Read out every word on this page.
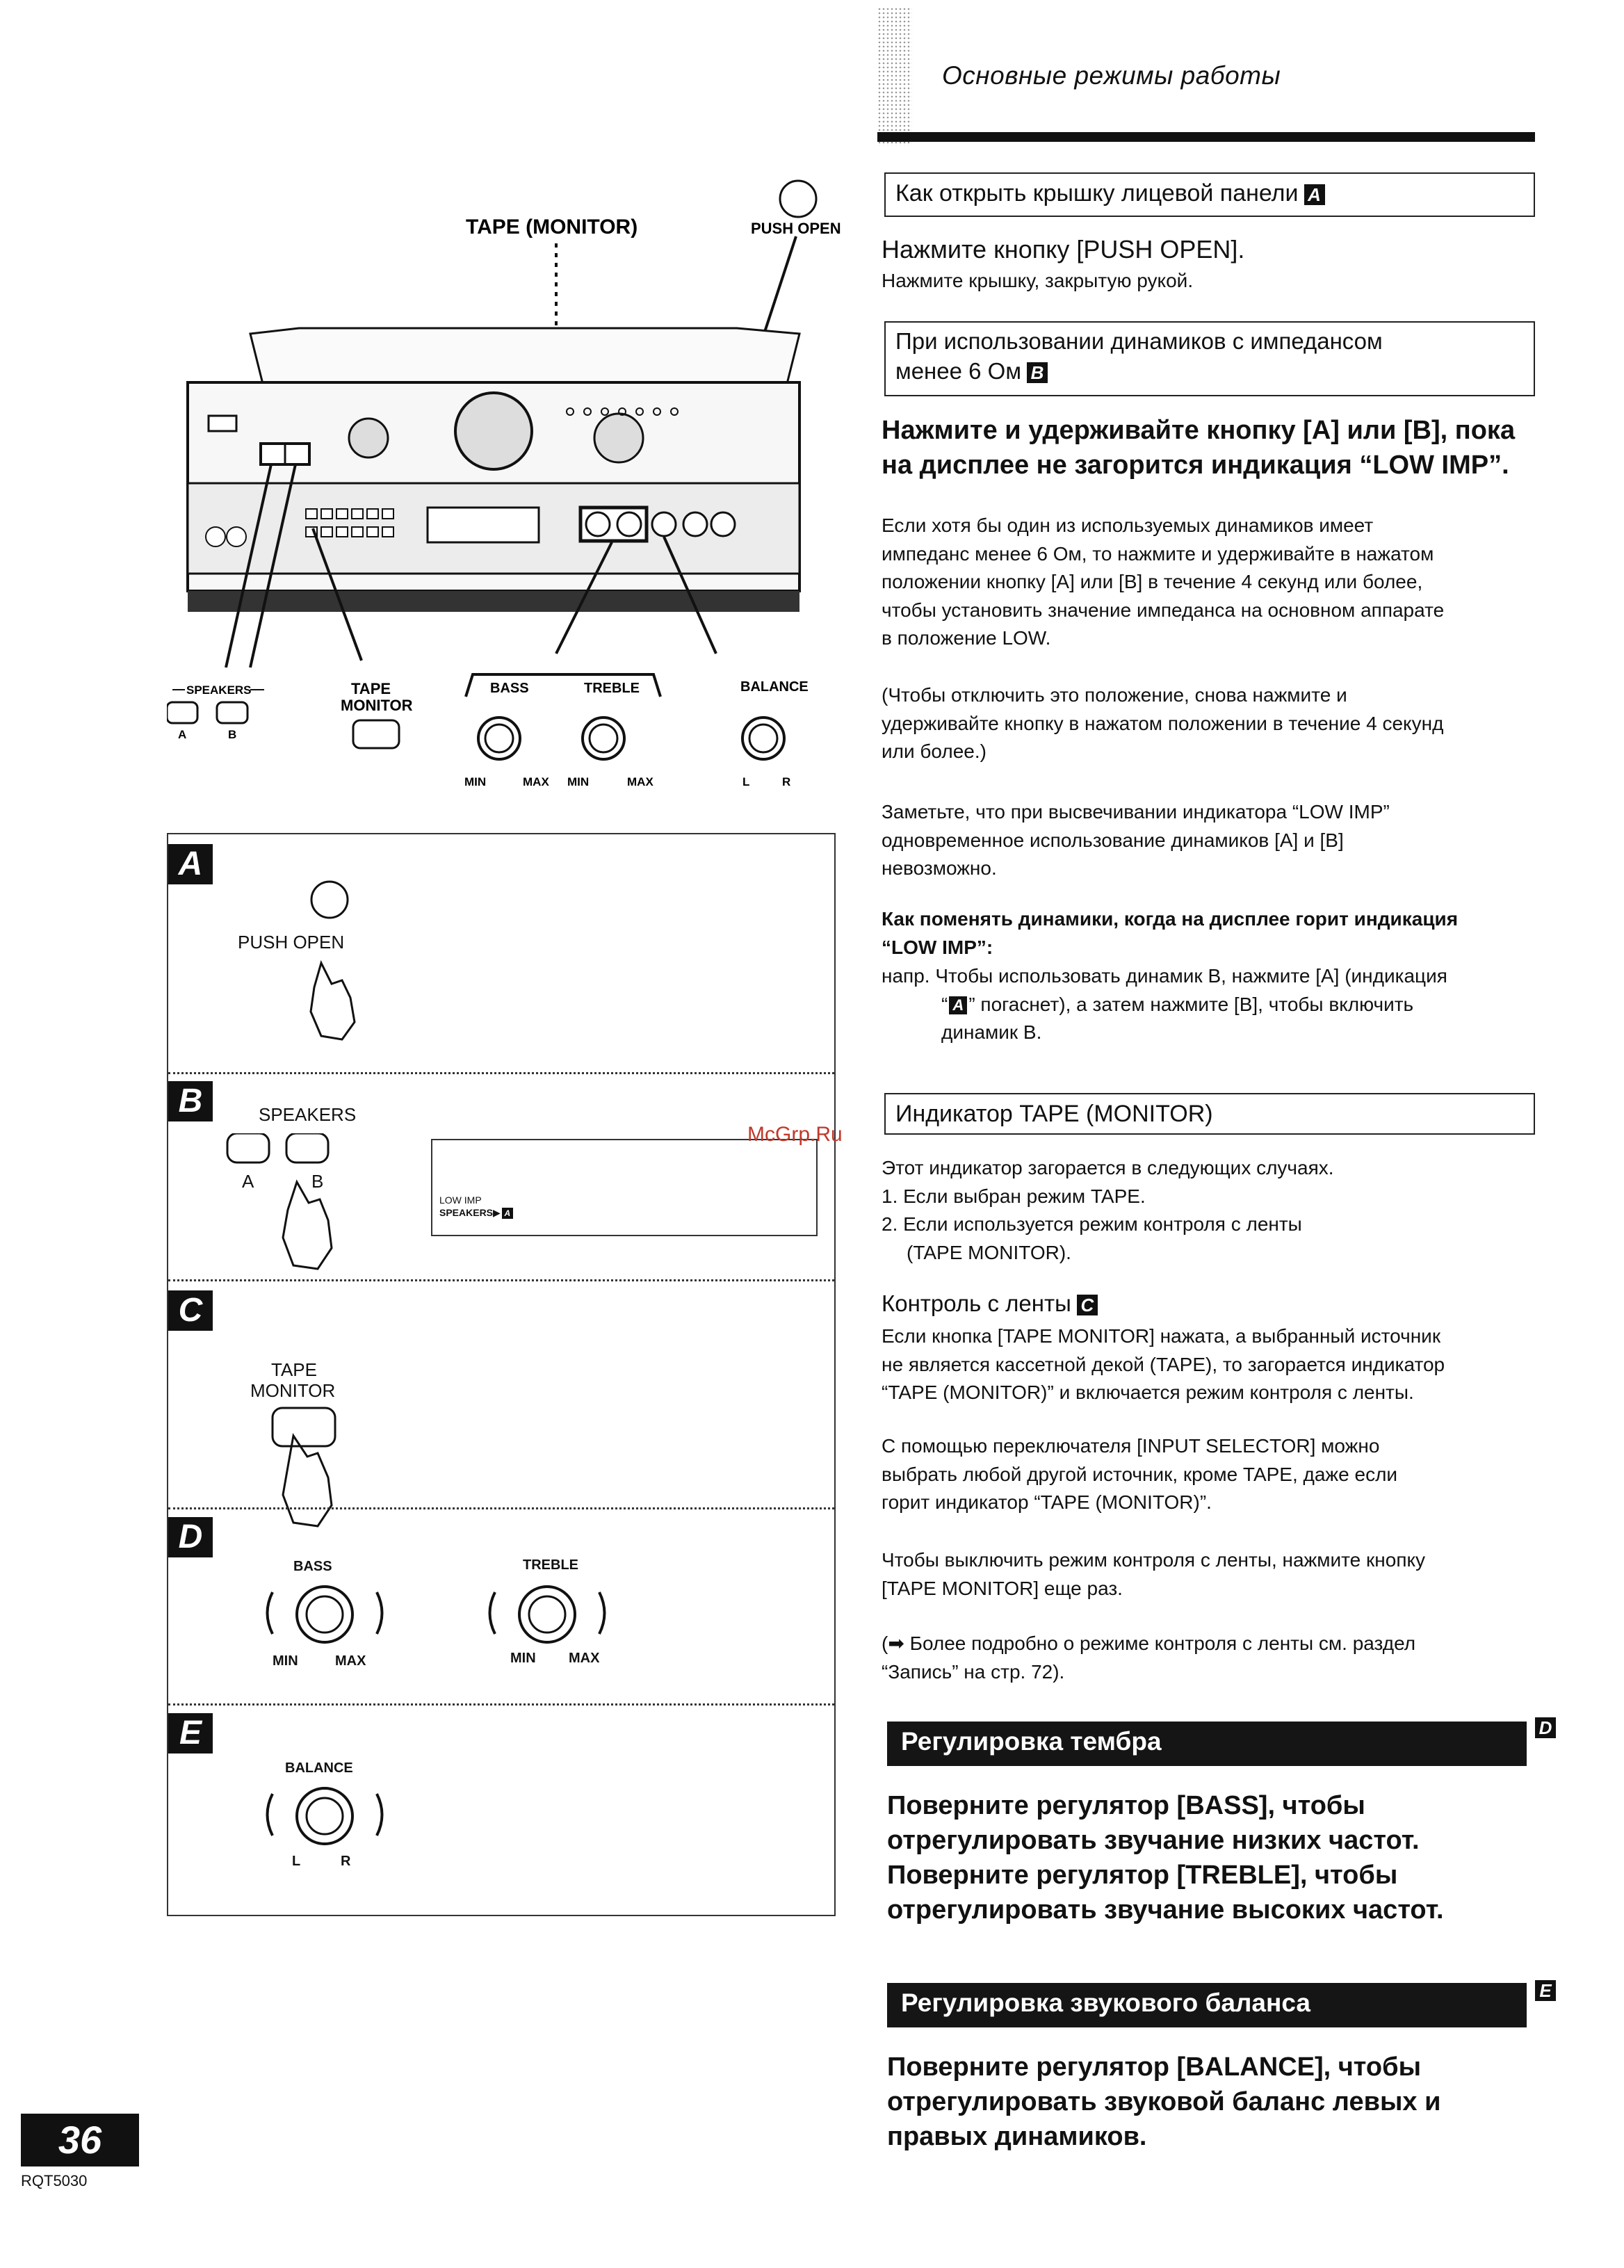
Основные режимы работы
TAPE (MONITOR)	PUSH OPEN
SPEAKERS
A	B
TAPE
MONITOR
BASS	TREBLE	BALANCE
MIN	MAX MIN	MAX	L	R
A
PUSH OPEN
B	SPEAKERS
A	B
LOW IMP
SPEAKERS▶ A
C
TAPE
MONITOR
D
BASS	TREBLE
MIN	MAX	MIN MAX
E
BALANCE
L	R
Как открыть крышку лицевой панели A
Нажмите кнопку [PUSH OPEN].
Нажмите крышку, закрытую рукой.
При использовании динамиков с импедансом
менее 6 Ом B
Нажмите и удерживайте кнопку [A] или [B], пока
на дисплее не загорится индикация “LOW IMP”.
Если хотя бы один из используемых динамиков имеет
импеданс менее 6 Ом, то нажмите и удерживайте в нажатом
положении кнопку [A] или [B] в течение 4 секунд или более,
чтобы установить значение импеданса на основном аппарате
в положение LOW.
(Чтобы отключить это положение, снова нажмите и
удерживайте кнопку в нажатом положении в течение 4 секунд
или более.)
Заметьте, что при высвечивании индикатора “LOW IMP”
одновременное использование динамиков [A] и [B]
невозможно.
Как поменять динамики, когда на дисплее горит индикация
“LOW IMP”:
напр. Чтобы использовать динамик B, нажмите [A] (индикация
“ A ” погаснет), а затем нажмите [B], чтобы включить
динамик B.
Индикатор TAPE (MONITOR)
Этот индикатор загорается в следующих случаях.
1. Если выбран режим TAPE.
2. Если используется режим контроля с ленты
(TAPE MONITOR).
Контроль с ленты C
Если кнопка [TAPE MONITOR] нажата, а выбранный источник
не является кассетной декой (TAPE), то загорается индикатор
“TAPE (MONITOR)” и включается режим контроля с ленты.
С помощью переключателя [INPUT SELECTOR] можно
выбрать любой другой источник, кроме TAPE, даже если
горит индикатор “TAPE (MONITOR)”.
Чтобы выключить режим контроля с ленты, нажмите кнопку
[TAPE MONITOR] еще раз.
(➡ Более подробно о режиме контроля с ленты см. раздел
“Запись” на стр. 72).
Регулировка тембра	D
Поверните регулятор [BASS], чтобы
отрегулировать звучание низких частот.
Поверните регулятор [TREBLE], чтобы
отрегулировать звучание высоких частот.
Регулировка звукового баланса	E
Поверните регулятор [BALANCE], чтобы
отрегулировать звуковой баланс левых и
правых динамиков.
McGrp.Ru
36
RQT5030
